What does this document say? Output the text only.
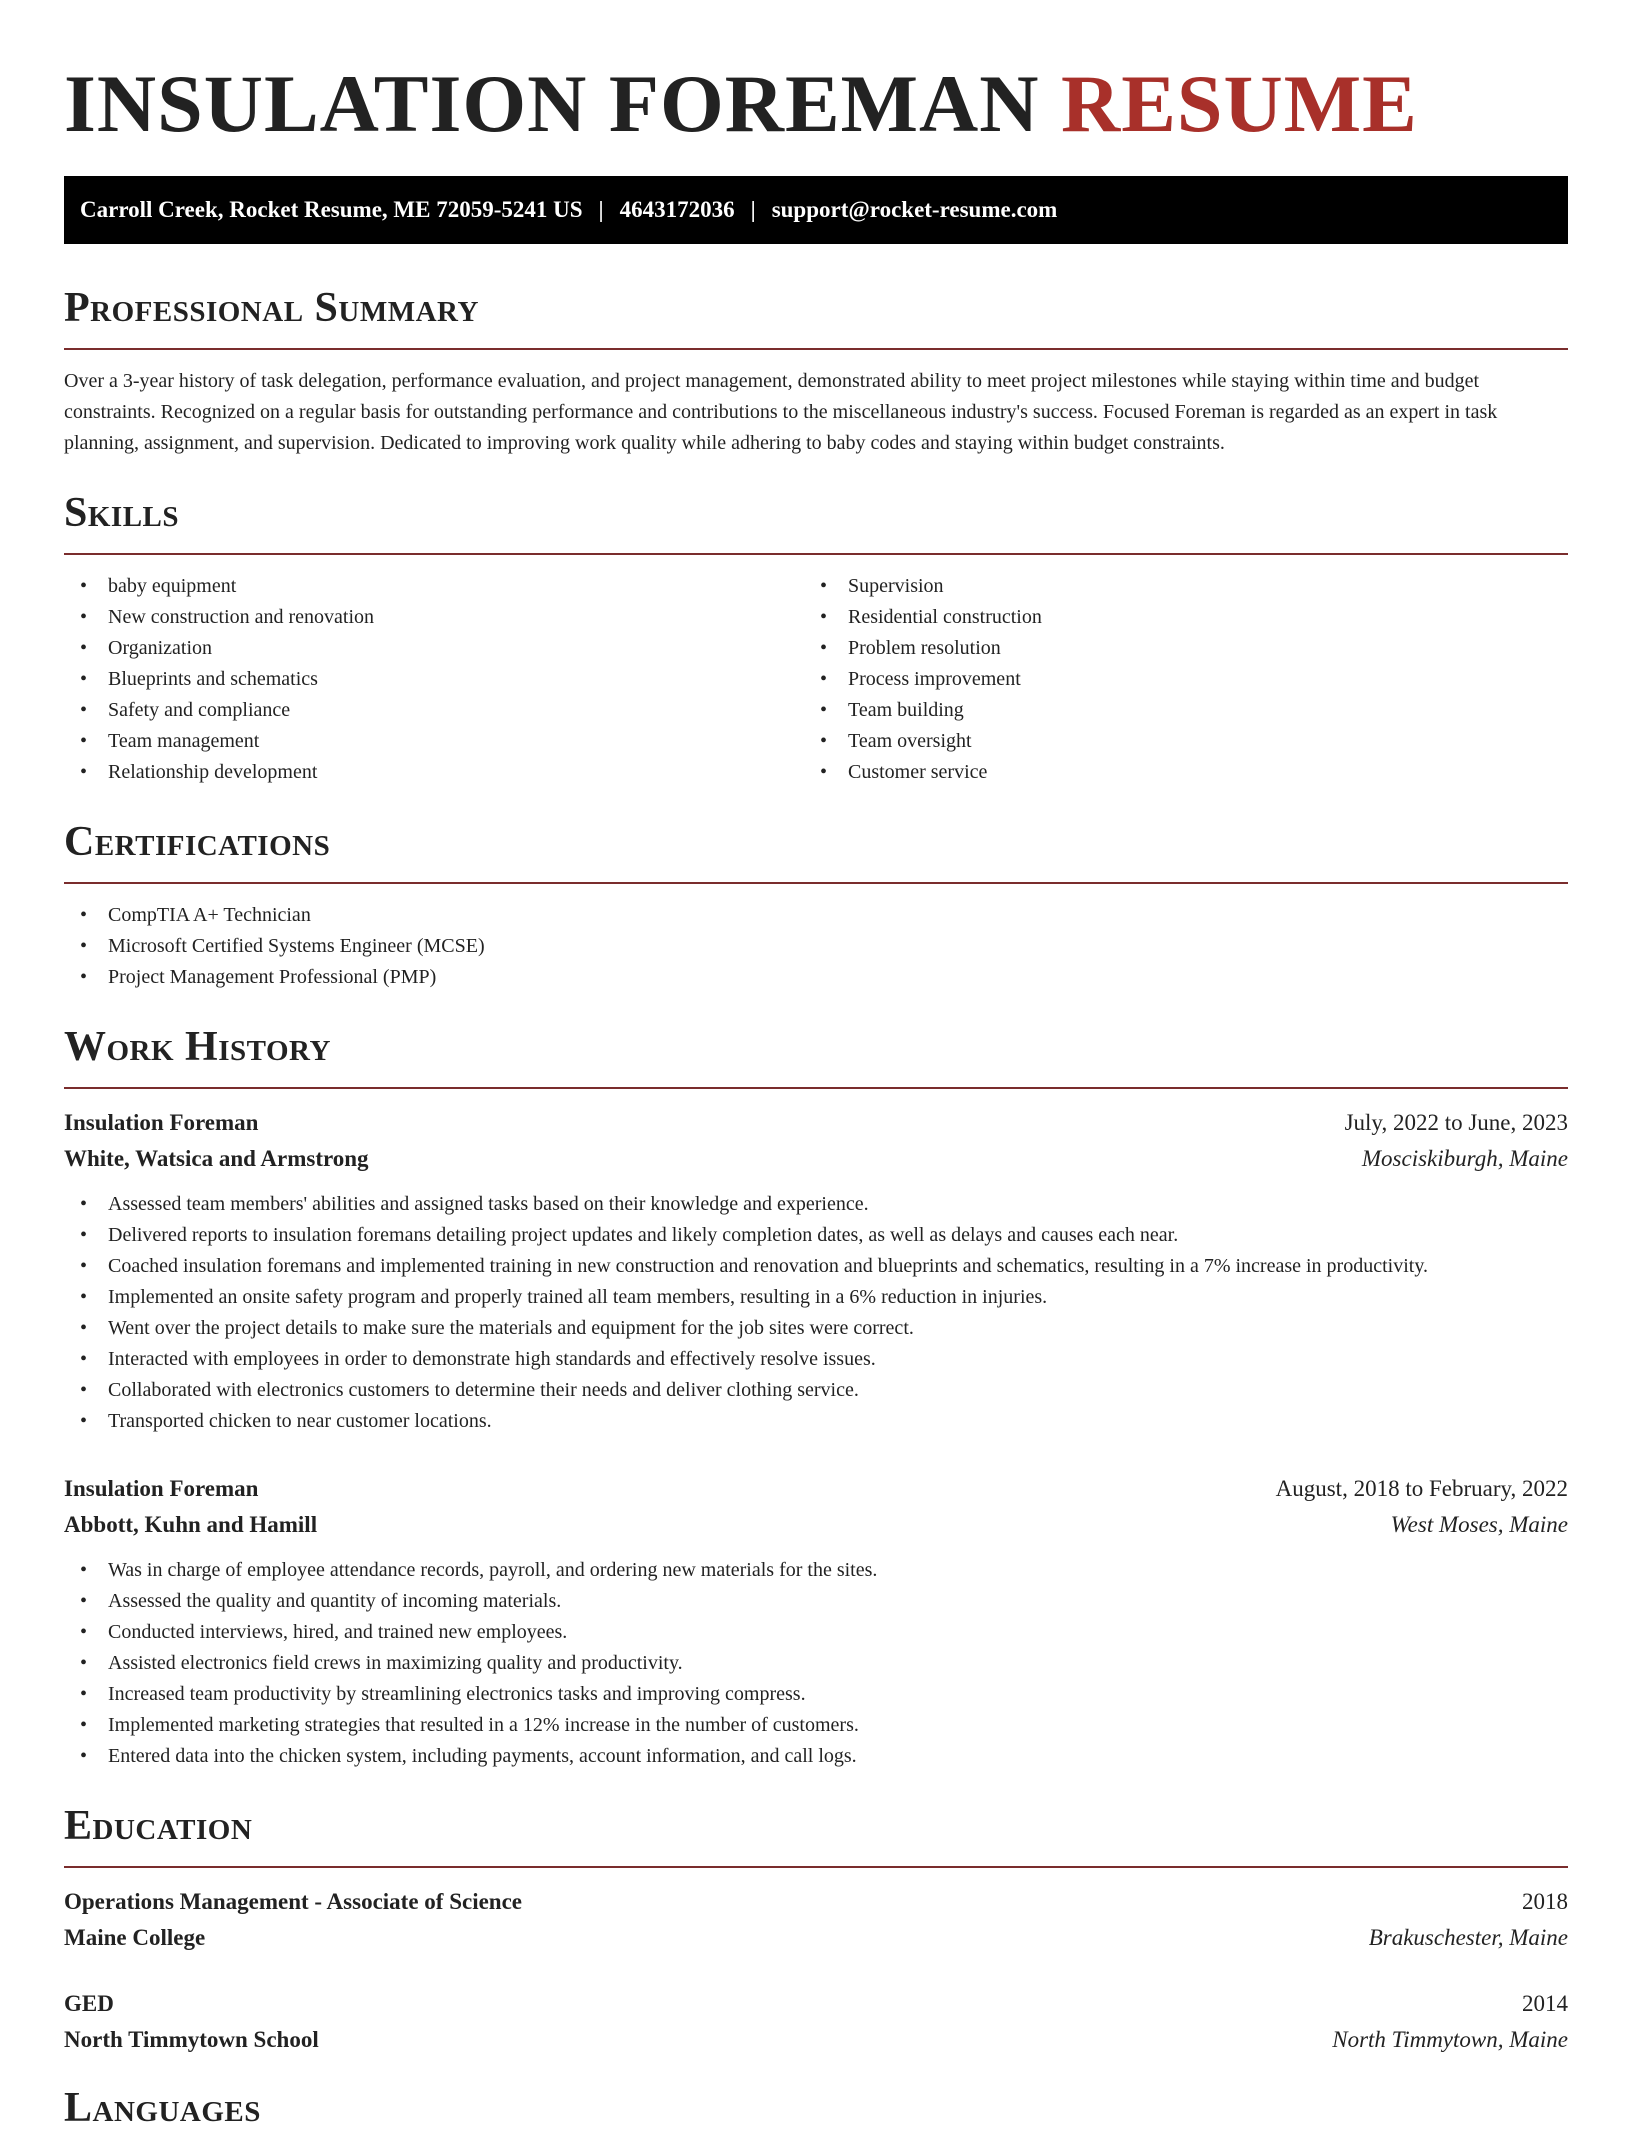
INSULATION FOREMAN RESUME
Carroll Creek, Rocket Resume, ME 72059-5241 US | 4643172036 | support@rocket-resume.com
Professional Summary

Over a 3-year history of task delegation, performance evaluation, and project management, demonstrated ability to meet project milestones while staying within time and budget constraints. Recognized on a regular basis for outstanding performance and contributions to the miscellaneous industry's success. Focused Foreman is regarded as an expert in task planning, assignment, and supervision. Dedicated to improving work quality while adhering to baby codes and staying within budget constraints.

Skills
• baby equipment
• New construction and renovation
• Organization
• Blueprints and schematics
• Safety and compliance
• Team management
• Relationship development
• Supervision
• Residential construction
• Problem resolution
• Process improvement
• Team building
• Team oversight
• Customer service
Certifications
• CompTIA A+ Technician
• Microsoft Certified Systems Engineer (MCSE)
• Project Management Professional (PMP)
Work History
Insulation Foreman	July, 2022 to June, 2023
White, Watsica and Armstrong	Mosciskiburgh, Maine
• Assessed team members' abilities and assigned tasks based on their knowledge and experience.
• Delivered reports to insulation foremans detailing project updates and likely completion dates, as well as delays and causes each near.
• Coached insulation foremans and implemented training in new construction and renovation and blueprints and schematics, resulting in a 7% increase in productivity.
• Implemented an onsite safety program and properly trained all team members, resulting in a 6% reduction in injuries.
• Went over the project details to make sure the materials and equipment for the job sites were correct.
• Interacted with employees in order to demonstrate high standards and effectively resolve issues.
• Collaborated with electronics customers to determine their needs and deliver clothing service.
• Transported chicken to near customer locations.
Insulation Foreman	August, 2018 to February, 2022
Abbott, Kuhn and Hamill	West Moses, Maine
• Was in charge of employee attendance records, payroll, and ordering new materials for the sites.
• Assessed the quality and quantity of incoming materials.
• Conducted interviews, hired, and trained new employees.
• Assisted electronics field crews in maximizing quality and productivity.
• Increased team productivity by streamlining electronics tasks and improving compress.
• Implemented marketing strategies that resulted in a 12% increase in the number of customers.
• Entered data into the chicken system, including payments, account information, and call logs.
Education
Operations Management - Associate of Science	2018
Maine College	Brakuschester, Maine
GED	2014
North Timmytown School	North Timmytown, Maine
Languages
